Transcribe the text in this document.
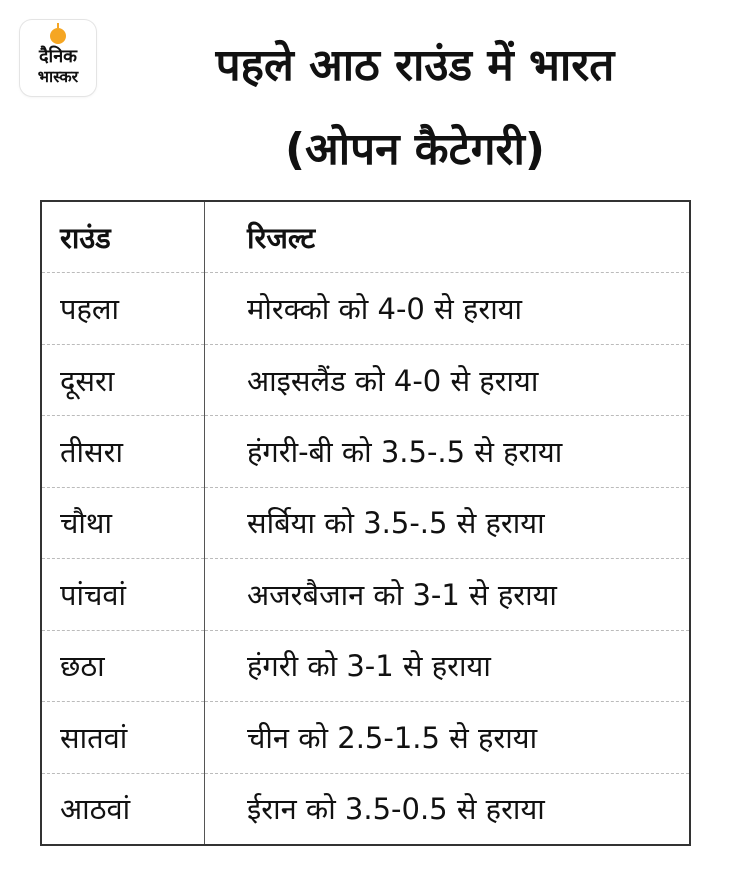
दैनिक
भास्कर	पहले आठ राउंड में भारत
(ओपन कैटेगरी)
राउंड	रिजल्ट
पहला	मोरक्को को 4-0 से हराया
दूसरा	आइसलैंड को 4-0 से हराया
तीसरा	हंगरी-बी को 3.5-.5 से हराया
चौथा	सर्बिया को 3.5-.5 से हराया
पांचवां	अजरबैजान को 3-1 से हराया
छठा	हंगरी को 3-1 से हराया
सातवां	चीन को 2.5-1.5 से हराया
आठवां	ईरान को 3.5-0.5 से हराया
